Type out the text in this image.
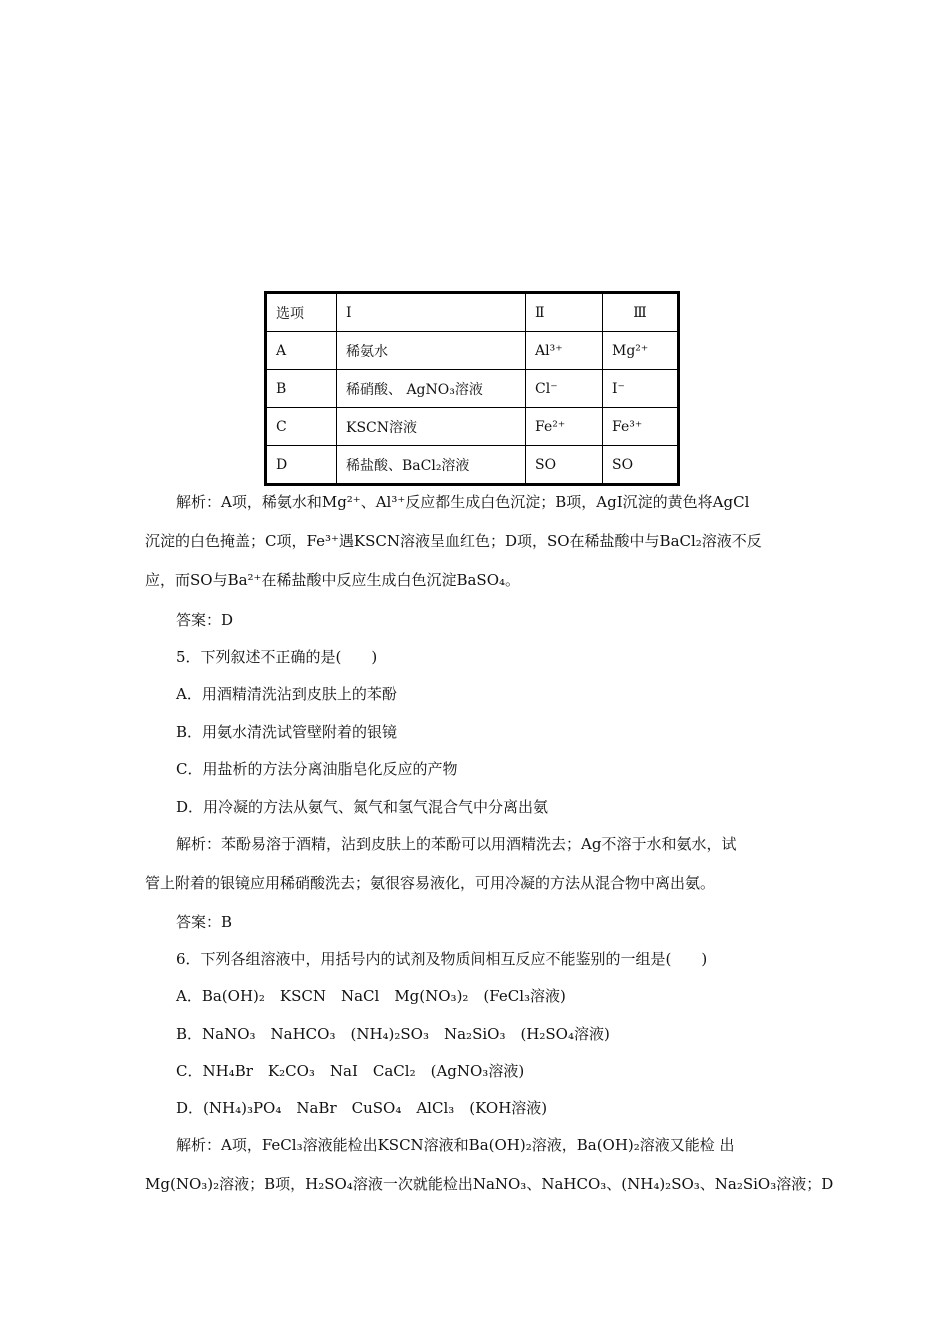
选项	Ⅰ	Ⅱ	Ⅲ
A	稀氨水	Al³⁺	Mg²⁺
B	稀硝酸、 AgNO₃溶液	Cl⁻	I⁻
C	KSCN溶液	Fe²⁺	Fe³⁺
D	稀盐酸、BaCl₂溶液	SO	SO

解析：A项，稀氨水和Mg²⁺、Al³⁺反应都生成白色沉淀；B项，AgI沉淀的黄色将AgCl

沉淀的白色掩盖；C项，Fe³⁺遇KSCN溶液呈血红色；D项，SO在稀盐酸中与BaCl₂溶液不反

应，而SO与Ba²⁺在稀盐酸中反应生成白色沉淀BaSO₄。

答案：D

5．下列叙述不正确的是(　　)

A．用酒精清洗沾到皮肤上的苯酚

B．用氨水清洗试管壁附着的银镜

C．用盐析的方法分离油脂皂化反应的产物

D．用冷凝的方法从氨气、氮气和氢气混合气中分离出氨

解析：苯酚易溶于酒精，沾到皮肤上的苯酚可以用酒精洗去；Ag不溶于水和氨水，试

管上附着的银镜应用稀硝酸洗去；氨很容易液化，可用冷凝的方法从混合物中离出氨。

答案：B

6．下列各组溶液中，用括号内的试剂及物质间相互反应不能鉴别的一组是(　　)

A．Ba(OH)₂　KSCN　NaCl　Mg(NO₃)₂　(FeCl₃溶液)

B．NaNO₃　NaHCO₃　(NH₄)₂SO₃　Na₂SiO₃　(H₂SO₄溶液)

C．NH₄Br　K₂CO₃　NaI　CaCl₂　(AgNO₃溶液)

D．(NH₄)₃PO₄　NaBr　CuSO₄　AlCl₃　(KOH溶液)

解析：A项，FeCl₃溶液能检出KSCN溶液和Ba(OH)₂溶液，Ba(OH)₂溶液又能检 出

Mg(NO₃)₂溶液；B项，H₂SO₄溶液一次就能检出NaNO₃、NaHCO₃、(NH₄)₂SO₃、Na₂SiO₃溶液；D
